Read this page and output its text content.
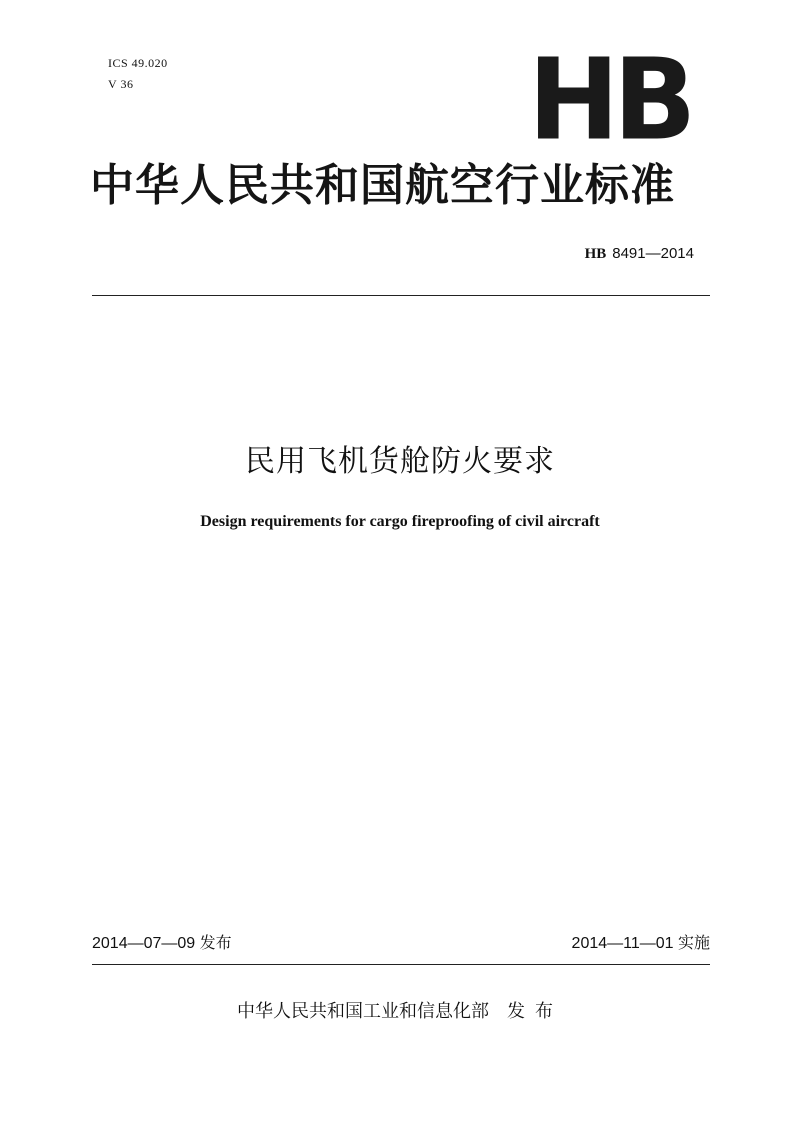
ICS 49.020
V 36	HB
中华人民共和国航空行业标准
HB 8491—2014
民用飞机货舱防火要求
Design requirements for cargo fireproofing of civil aircraft
2014—07—09 发布	2014—11—01 实施
中华人民共和国工业和信息化部 发布
